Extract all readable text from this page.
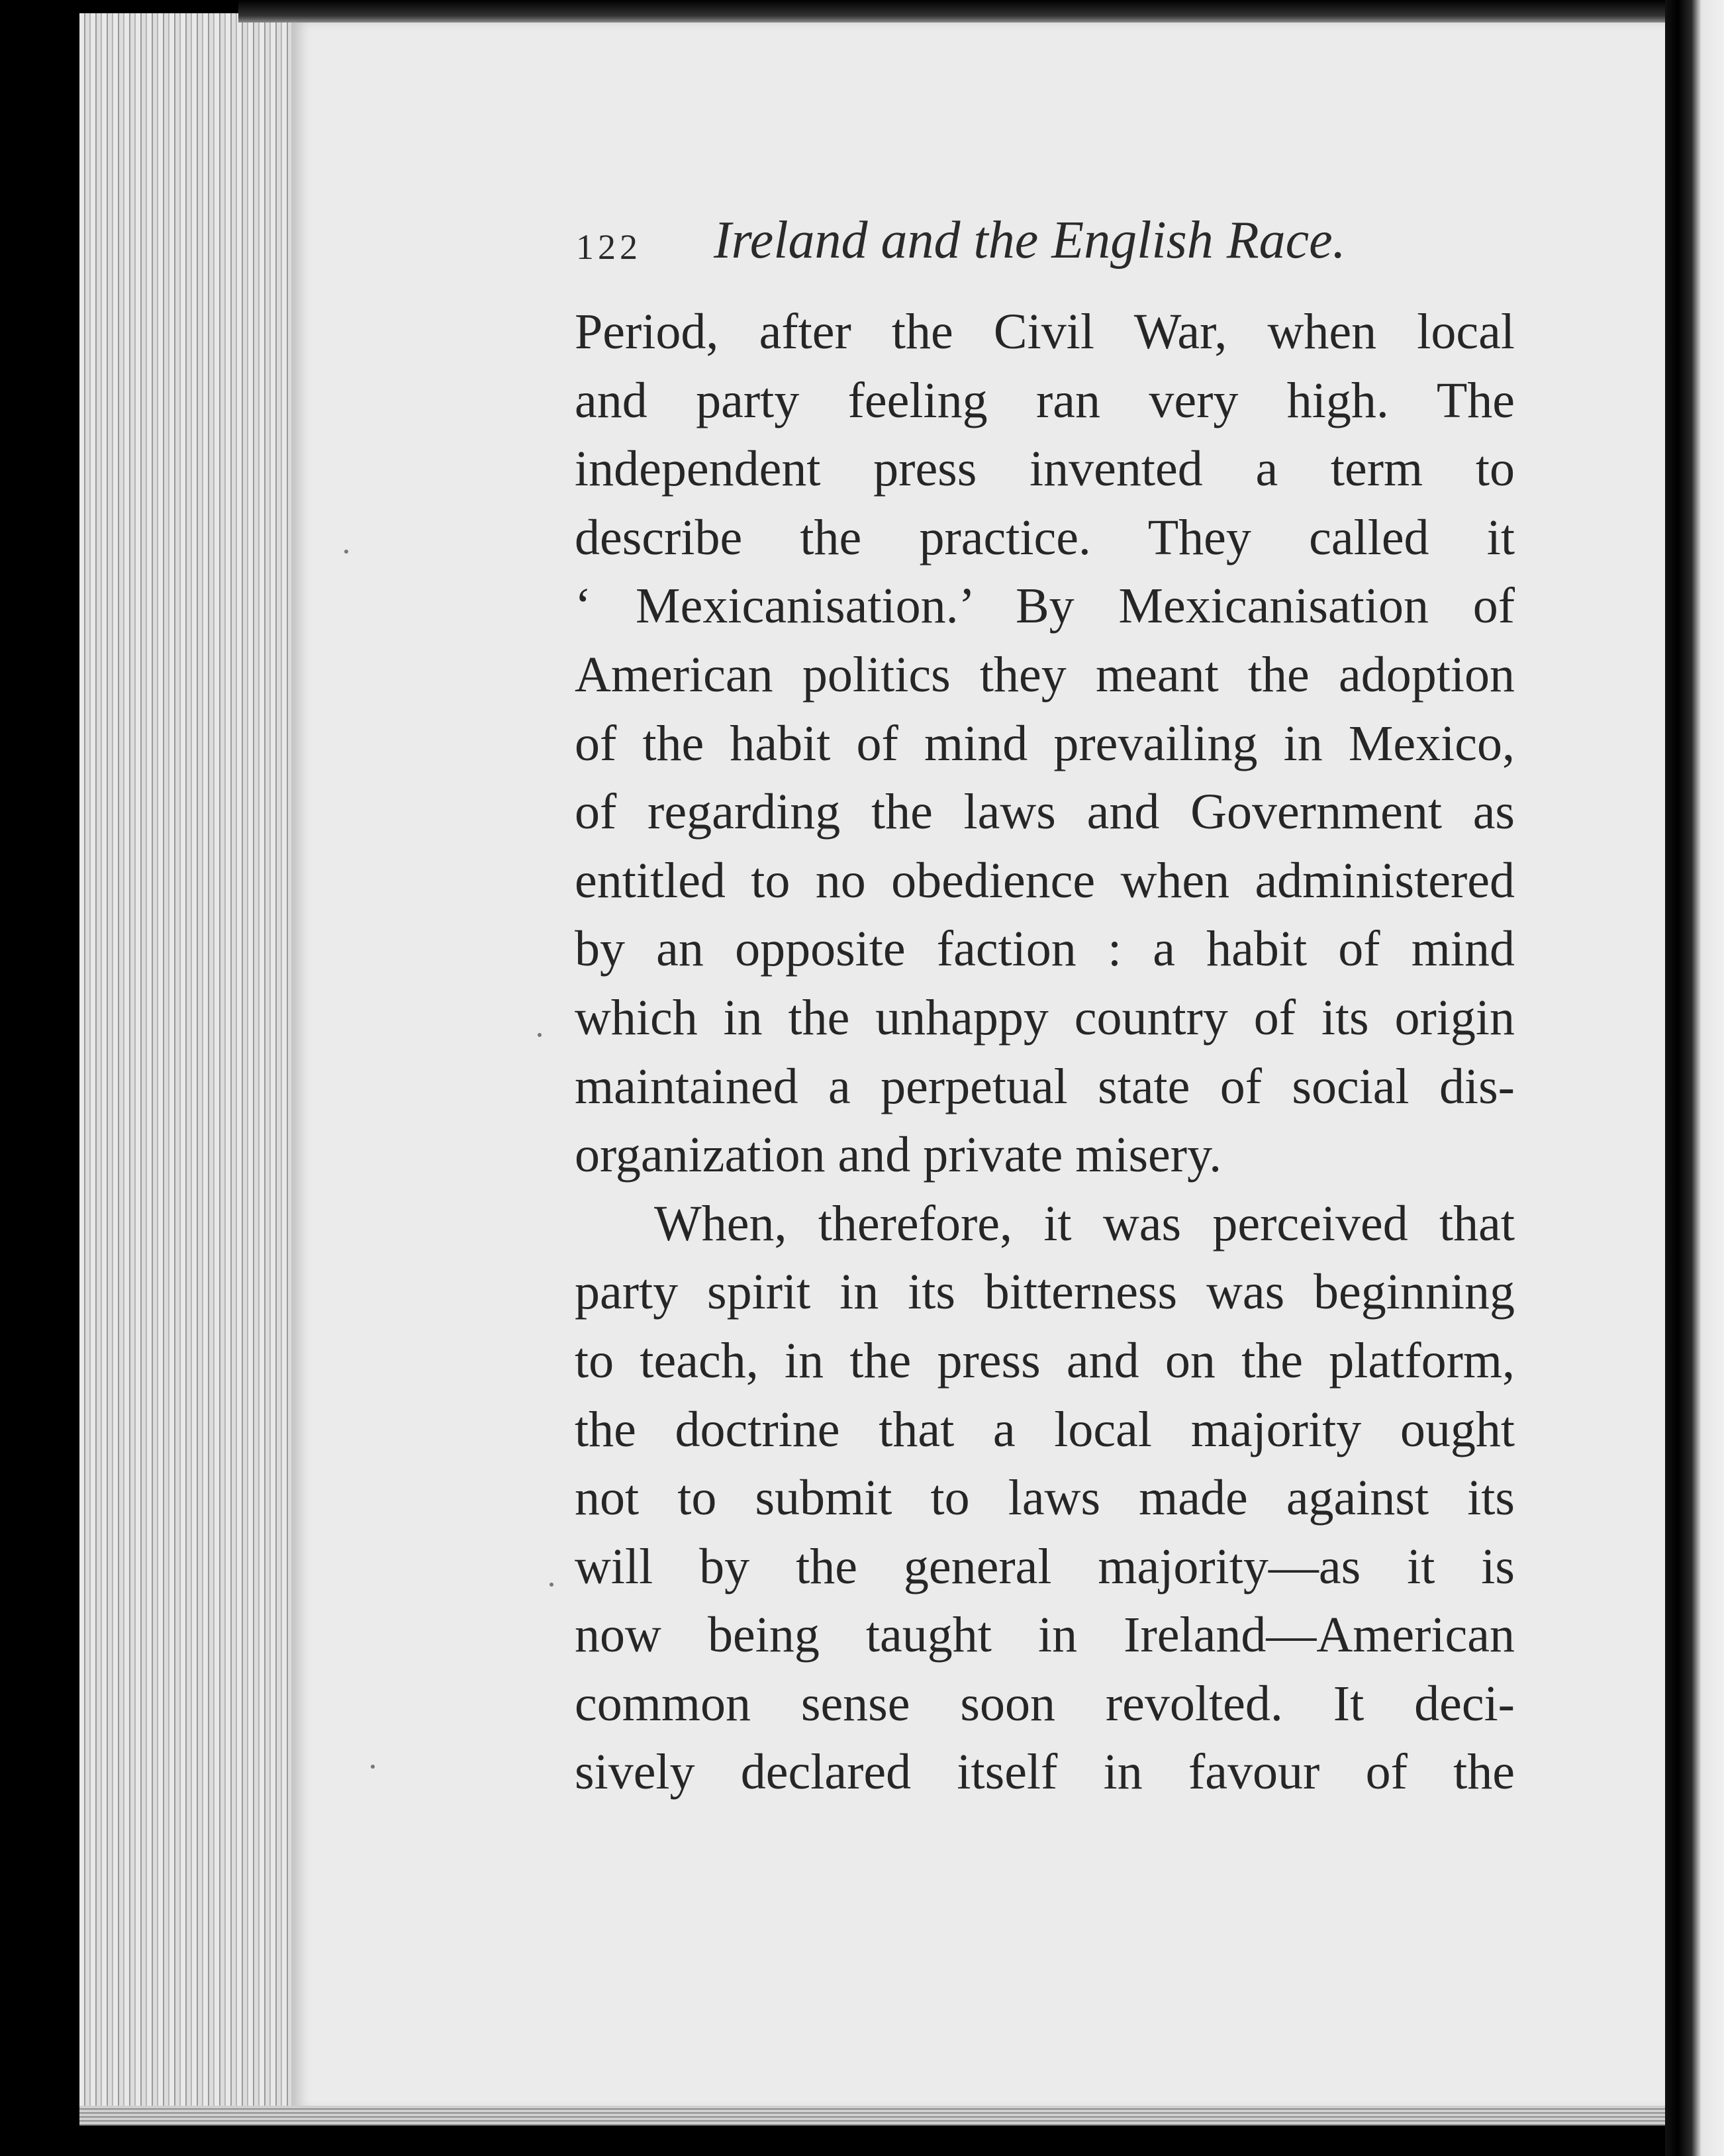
122 Ireland and the English Race.
Period, after the Civil War, when local
and party feeling ran very high. The
independent press invented a term to
describe the practice. They called it
‘ Mexicanisation.’ By Mexicanisation of
American politics they meant the adoption
of the habit of mind prevailing in Mexico,
of regarding the laws and Government as
entitled to no obedience when administered
by an opposite faction : a habit of mind
which in the unhappy country of its origin
maintained a perpetual state of social dis-
organization and private misery.
When, therefore, it was perceived that
party spirit in its bitterness was beginning
to teach, in the press and on the platform,
the doctrine that a local majority ought
not to submit to laws made against its
will by the general majority—as it is
now being taught in Ireland—American
common sense soon revolted. It deci-
sively declared itself in favour of the
